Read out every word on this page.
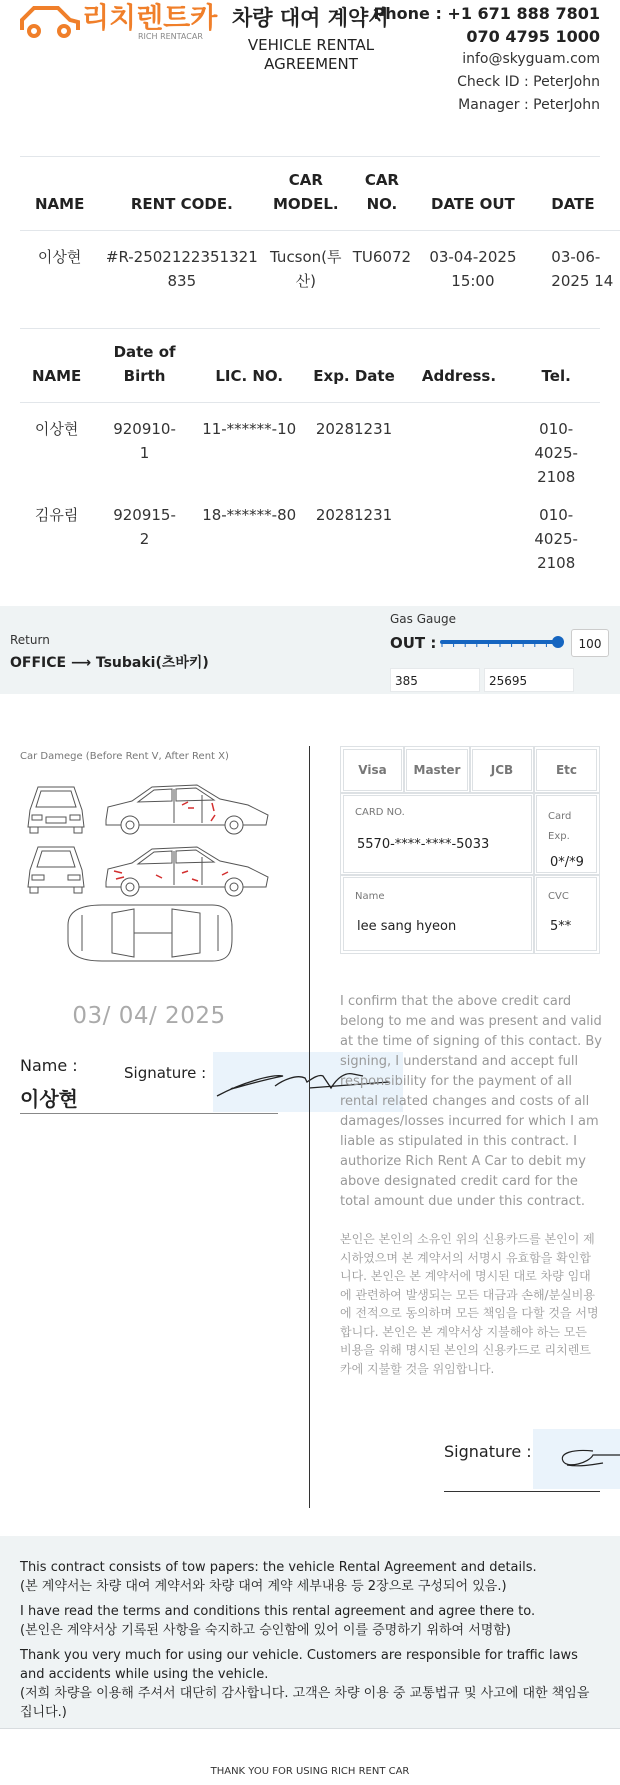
리치렌트카
RICH RENTACAR
차량 대여 계약서
VEHICLE RENTAL AGREEMENT
Phone : +1 671 888 7801
070 4795 1000
info@skyguam.com
Check ID : PeterJohn
Manager : PeterJohn
NAME	RENT CODE.	CAR MODEL.	CAR NO.	DATE OUT	DATE
이상현	#R-2502122351321835	Tucson(투산)	TU6072	03-04-2025 15:00	03-06-2025 14
NAME	Date of Birth	LIC. NO.	Exp. Date	Address.	Tel.
이상현	920910-1	11-******-10	20281231		010-4025-2108
김유림	920915-2	18-******-80	20281231		010-4025-2108
Return
OFFICE ⟶ Tsubaki(츠바키)
Gas Gauge
OUT :	100
385	25695
Car Damege (Before Rent V, After Rent X)
03/ 04/ 2025
Name :
이상현
Signature :
Visa	Master	JCB	Etc
CARD NO.
5570-****-****-5033
Card Exp.
0*/*9
Name
lee sang hyeon
CVC
5**
I confirm that the above credit card belong to me and was present and valid at the time of signing of this contact. By signing, I understand and accept full responsibility for the payment of all rental related changes and costs of all damages/losses incurred for which I am liable as stipulated in this contract. I authorize Rich Rent A Car to debit my above designated credit card for the total amount due under this contract.
본인은 본인의 소유인 위의 신용카드를 본인이 제시하였으며 본 계약서의 서명시 유효함을 확인합니다. 본인은 본 계약서에 명시된 대로 차량 임대에 관련하여 발생되는 모든 대금과 손해/분실비용에 전적으로 동의하며 모든 책임을 다할 것을 서명합니다. 본인은 본 계약서상 지불해야 하는 모든 비용을 위해 명시된 본인의 신용카드로 리치렌트카에 지불할 것을 위임합니다.
Signature :

This contract consists of tow papers: the vehicle Rental Agreement and details.

(본 계약서는 차량 대여 계약서와 차량 대여 계약 세부내용 등 2장으로 구성되어 있음.)

I have read the terms and conditions this rental agreement and agree there to.

(본인은 계약서상 기록된 사항을 숙지하고 승인함에 있어 이를 증명하기 위하여 서명함)

Thank you very much for using our vehicle. Customers are responsible for traffic laws and accidents while using the vehicle.

(저희 차량을 이용해 주셔서 대단히 감사합니다. 고객은 차량 이용 중 교통법규 및 사고에 대한 책임을 집니다.)

THANK YOU FOR USING RICH RENT CAR
